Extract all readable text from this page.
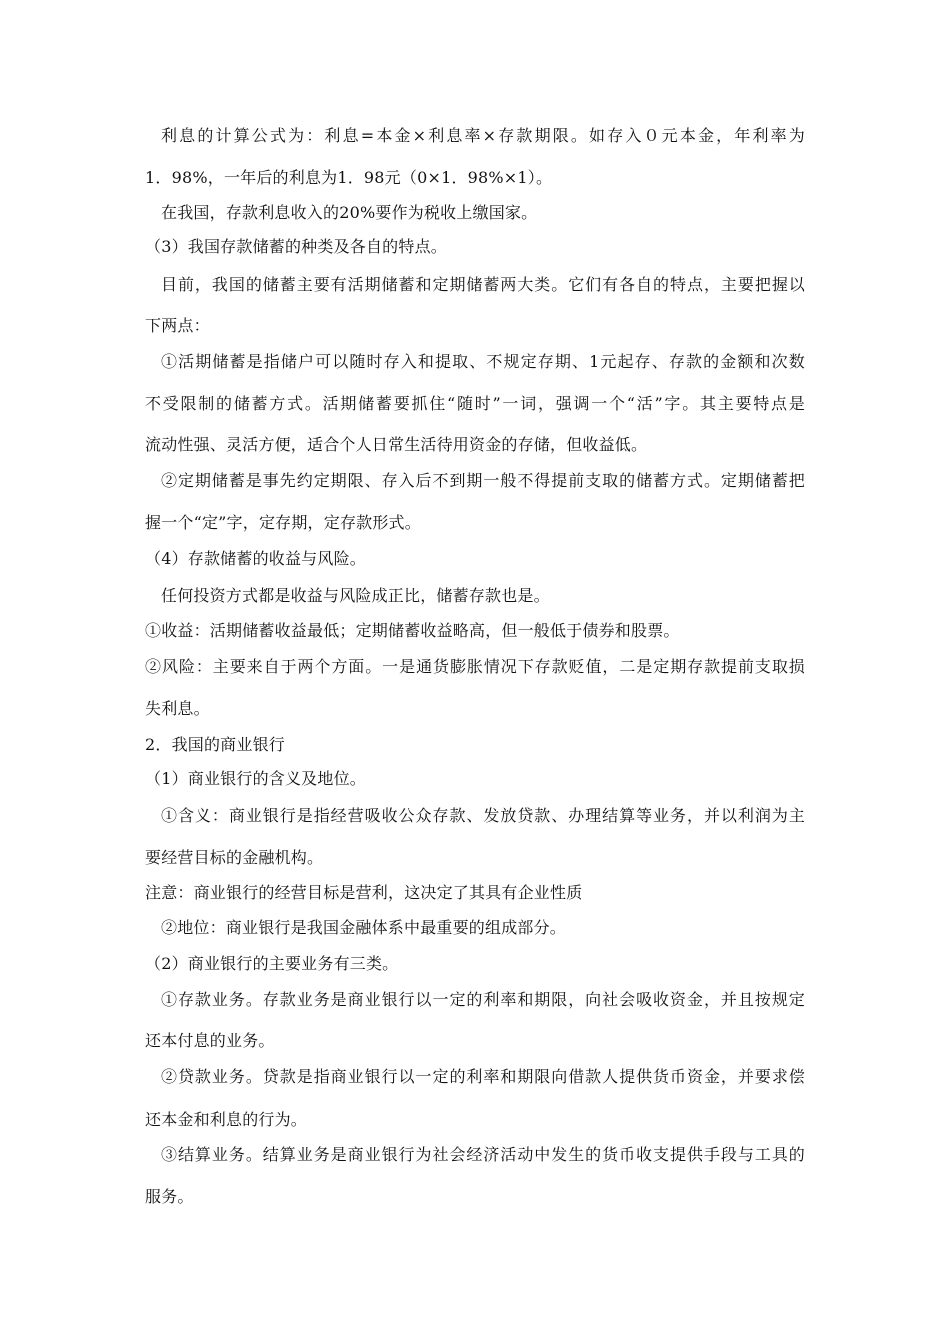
利息的计算公式为：利息=本金×利息率×存款期限。如存入０元本金，年利率为
1．98%，一年后的利息为1．98元（0×1．98%×1）。
在我国，存款利息收入的20%要作为税收上缴国家。
（3）我国存款储蓄的种类及各自的特点。
目前，我国的储蓄主要有活期储蓄和定期储蓄两大类。它们有各自的特点，主要把握以
下两点：
①活期储蓄是指储户可以随时存入和提取、不规定存期、1元起存、存款的金额和次数
不受限制的储蓄方式。活期储蓄要抓住“随时”一词，强调一个“活”字。其主要特点是
流动性强、灵活方便，适合个人日常生活待用资金的存储，但收益低。
②定期储蓄是事先约定期限、存入后不到期一般不得提前支取的储蓄方式。定期储蓄把
握一个“定”字，定存期，定存款形式。
（4）存款储蓄的收益与风险。
任何投资方式都是收益与风险成正比，储蓄存款也是。
①收益：活期储蓄收益最低；定期储蓄收益略高，但一般低于债券和股票。
②风险：主要来自于两个方面。一是通货膨胀情况下存款贬值，二是定期存款提前支取损
失利息。
2．我国的商业银行
（1）商业银行的含义及地位。
①含义：商业银行是指经营吸收公众存款、发放贷款、办理结算等业务，并以利润为主
要经营目标的金融机构。
注意：商业银行的经营目标是营利，这决定了其具有企业性质
②地位：商业银行是我国金融体系中最重要的组成部分。
（2）商业银行的主要业务有三类。
①存款业务。存款业务是商业银行以一定的利率和期限，向社会吸收资金，并且按规定
还本付息的业务。
②贷款业务。贷款是指商业银行以一定的利率和期限向借款人提供货币资金，并要求偿
还本金和利息的行为。
③结算业务。结算业务是商业银行为社会经济活动中发生的货币收支提供手段与工具的
服务。
